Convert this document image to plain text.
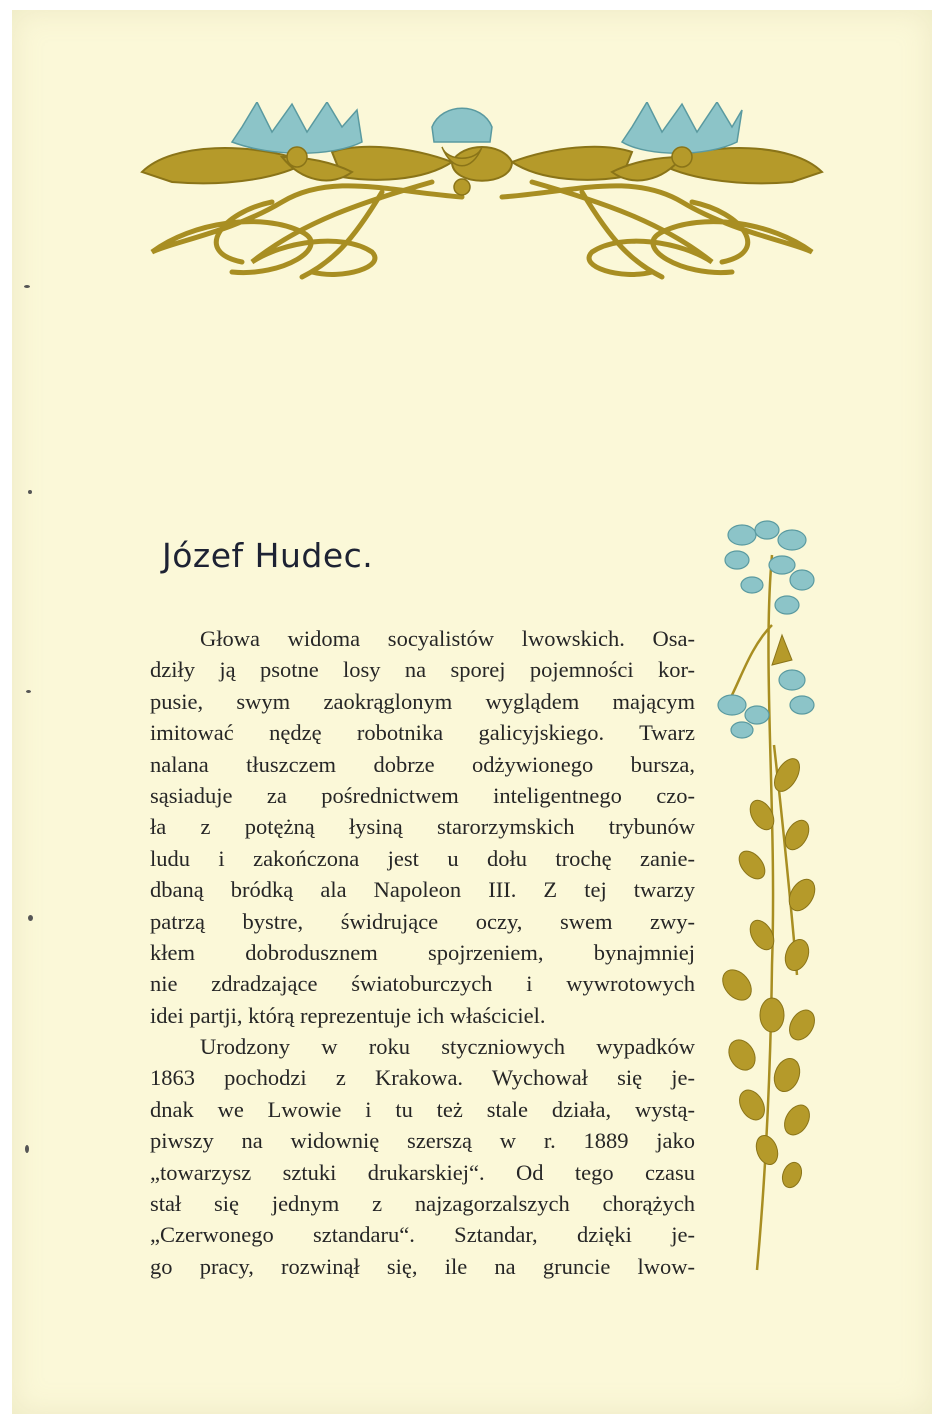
Józef Hudec.
Głowa widoma socyalistów lwowskich. Osa-
dziły ją psotne losy na sporej pojemności kor-
pusie, swym zaokrąglonym wyglądem mającym
imitować nędzę robotnika galicyjskiego. Twarz
nalana tłuszczem dobrze odżywionego bursza,
sąsiaduje za pośrednictwem inteligentnego czo-
ła z potężną łysiną starorzymskich trybunów
ludu i zakończona jest u dołu trochę zanie-
dbaną bródką ala Napoleon III. Z tej twarzy
patrzą bystre, świdrujące oczy, swem zwy-
kłem dobrodusznem spojrzeniem, bynajmniej
nie zdradzające światoburczych i wywrotowych
idei partji, którą reprezentuje ich właściciel.
Urodzony w roku styczniowych wypadków
1863 pochodzi z Krakowa. Wychował się je-
dnak we Lwowie i tu też stale działa, wystą-
piwszy na widownię szerszą w r. 1889 jako
„towarzysz sztuki drukarskiej“. Od tego czasu
stał się jednym z najzagorzalszych chorążych
„Czerwonego sztandaru“. Sztandar, dzięki je-
go pracy, rozwinął się, ile na gruncie lwow-
